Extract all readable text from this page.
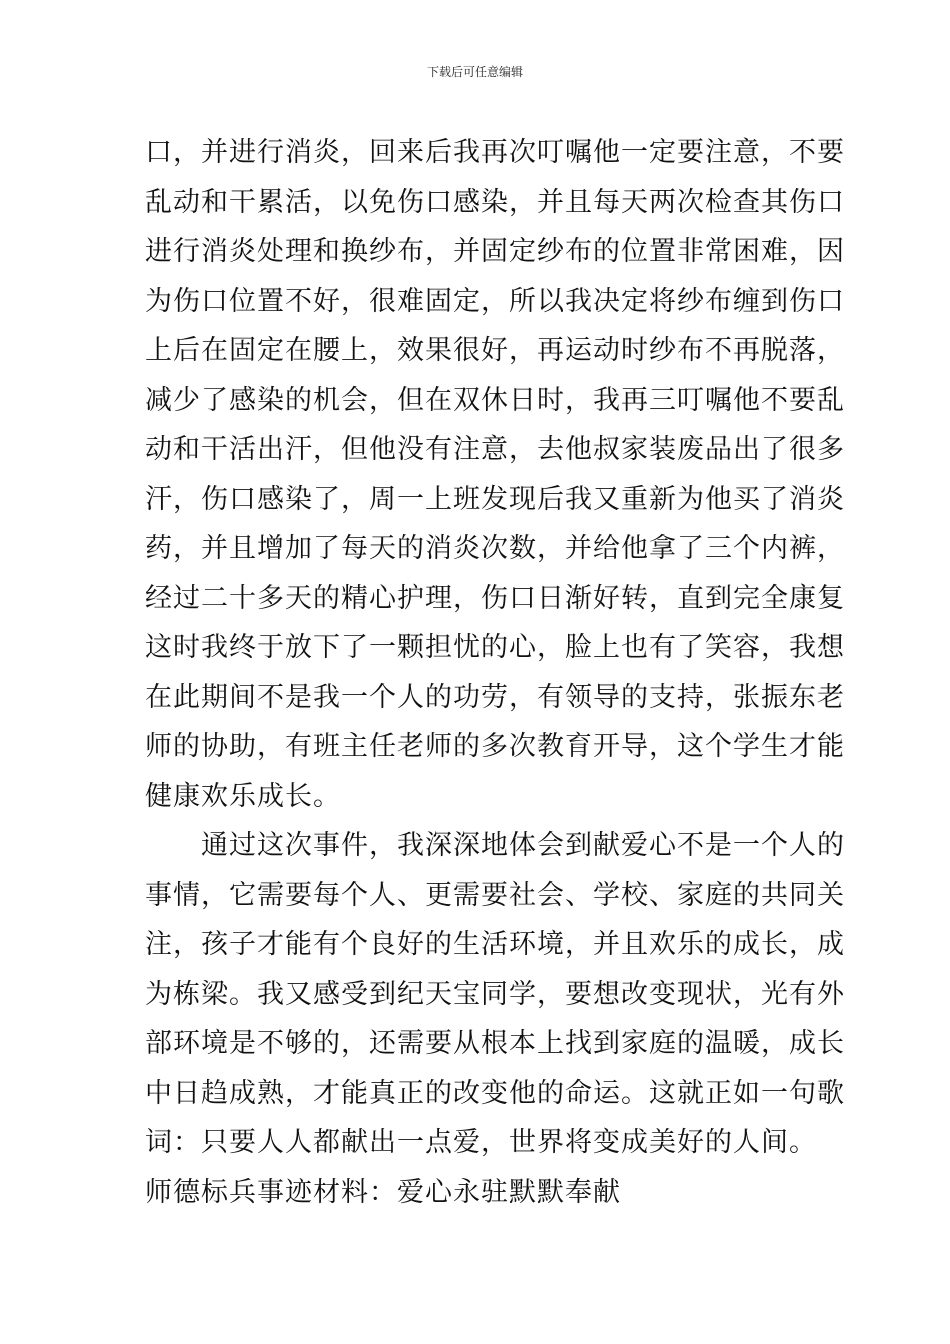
下载后可任意编辑
口，并进行消炎，回来后我再次叮嘱他一定要注意，不要
乱动和干累活，以免伤口感染，并且每天两次检查其伤口
进行消炎处理和换纱布，并固定纱布的位置非常困难，因
为伤口位置不好，很难固定，所以我决定将纱布缠到伤口
上后在固定在腰上，效果很好，再运动时纱布不再脱落，
减少了感染的机会，但在双休日时，我再三叮嘱他不要乱
动和干活出汗，但他没有注意，去他叔家装废品出了很多
汗，伤口感染了，周一上班发现后我又重新为他买了消炎
药，并且增加了每天的消炎次数，并给他拿了三个内裤，
经过二十多天的精心护理，伤口日渐好转，直到完全康复
这时我终于放下了一颗担忧的心，脸上也有了笑容，我想
在此期间不是我一个人的功劳，有领导的支持，张振东老
师的协助，有班主任老师的多次教育开导，这个学生才能
健康欢乐成长。
　　通过这次事件，我深深地体会到献爱心不是一个人的
事情，它需要每个人、更需要社会、学校、家庭的共同关
注，孩子才能有个良好的生活环境，并且欢乐的成长，成
为栋梁。我又感受到纪天宝同学，要想改变现状，光有外
部环境是不够的，还需要从根本上找到家庭的温暖，成长
中日趋成熟，才能真正的改变他的命运。这就正如一句歌
词：只要人人都献出一点爱，世界将变成美好的人间。
师德标兵事迹材料：爱心永驻默默奉献
